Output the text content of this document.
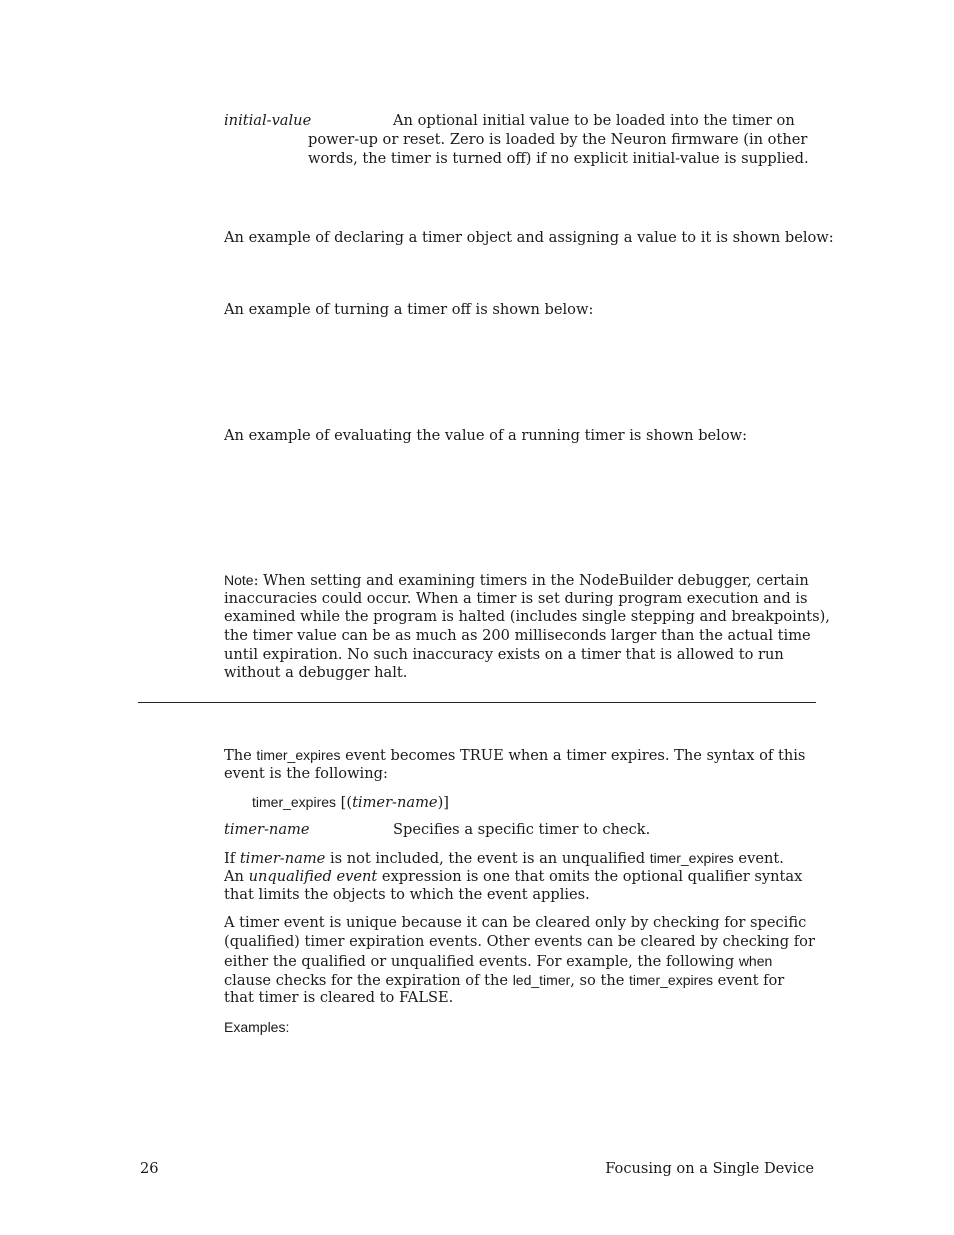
initial-value	An optional initial value to be loaded into the timer on
power-up or reset. Zero is loaded by the Neuron firmware (in other
words, the timer is turned off) if no explicit initial-value is supplied.
An example of declaring a timer object and assigning a value to it is shown below:
An example of turning a timer off is shown below:
An example of evaluating the value of a running timer is shown below:
Note: When setting and examining timers in the NodeBuilder debugger, certain
inaccuracies could occur. When a timer is set during program execution and is
examined while the program is halted (includes single stepping and breakpoints),
the timer value can be as much as 200 milliseconds larger than the actual time
until expiration. No such inaccuracy exists on a timer that is allowed to run
without a debugger halt.
The timer_expires event becomes TRUE when a timer expires. The syntax of this
event is the following:
timer_expires [(timer-name)]
timer-name	Specifies a specific timer to check.
If timer-name is not included, the event is an unqualified timer_expires event.
An unqualified event expression is one that omits the optional qualifier syntax
that limits the objects to which the event applies.
A timer event is unique because it can be cleared only by checking for specific
(qualified) timer expiration events. Other events can be cleared by checking for
either the qualified or unqualified events. For example, the following when
clause checks for the expiration of the led_timer, so the timer_expires event for
that timer is cleared to FALSE.
Examples:
26	Focusing on a Single Device
